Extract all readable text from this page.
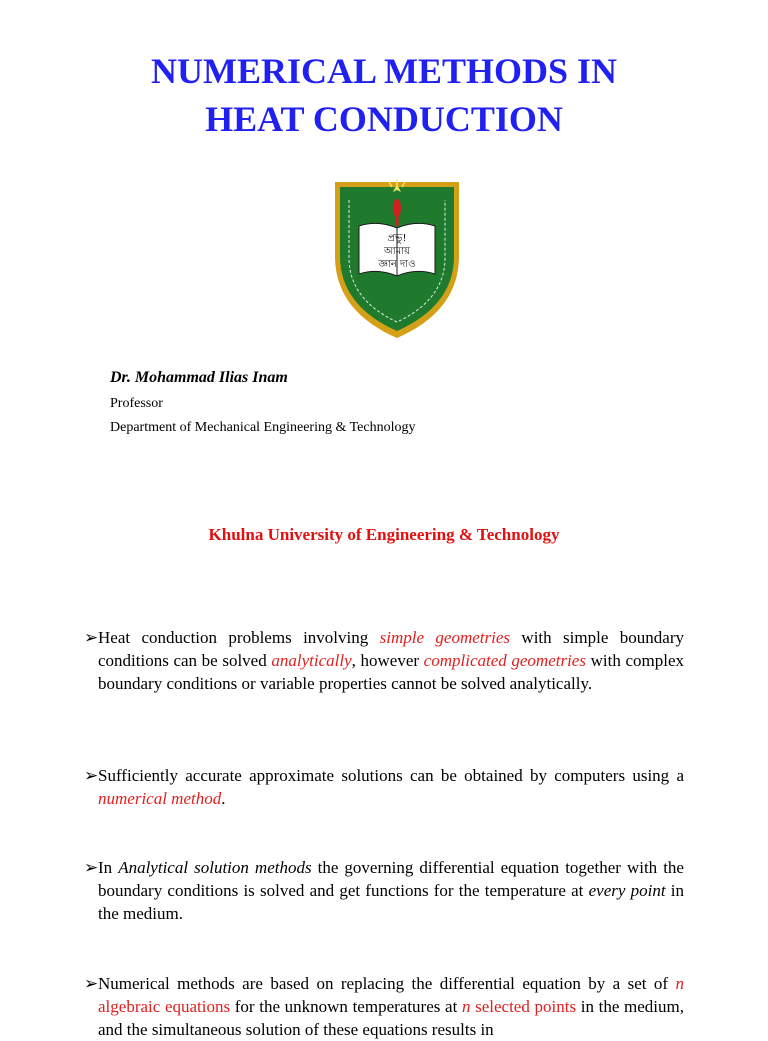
NUMERICAL METHODS IN
HEAT CONDUCTION
প্রভু!
আমায়
জ্ঞান দাও
Dr. Mohammad Ilias Inam
Professor
Department of Mechanical Engineering & Technology
Khulna University of Engineering & Technology
➢ Heat conduction problems involving simple geometries with simple boundary conditions can be solved analytically, however complicated geometries with complex boundary conditions or variable properties cannot be solved analytically.
➢ Sufficiently accurate approximate solutions can be obtained by computers using a numerical method.
➢ In Analytical solution methods the governing differential equation together with the boundary conditions is solved and get functions for the temperature at every point in the medium.
➢ Numerical methods are based on replacing the differential equation by a set of n algebraic equations for the unknown temperatures at n selected points in the medium, and the simultaneous solution of these equations results in
